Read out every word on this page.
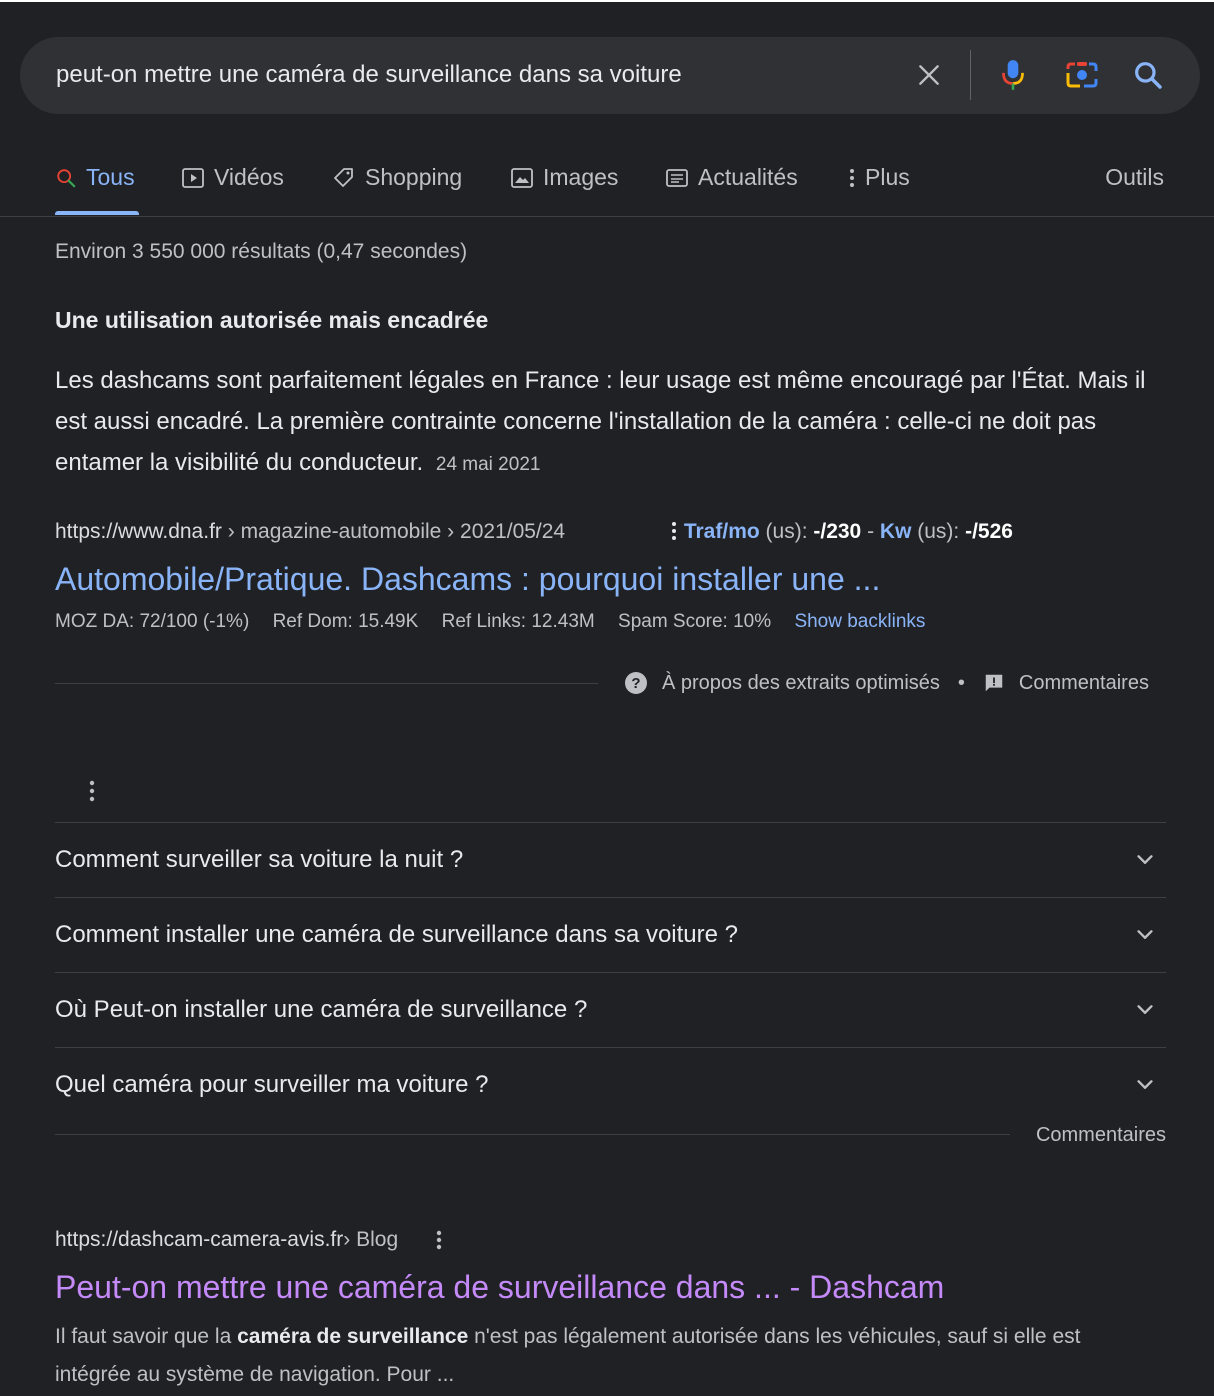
peut-on mettre une caméra de surveillance dans sa voiture
Tous	Vidéos	Shopping	Images	Actualités	Plus	Outils
Environ 3 550 000 résultats (0,47 secondes)
Une utilisation autorisée mais encadrée
Les dashcams sont parfaitement légales en France : leur usage est même encouragé par l'État. Mais il est aussi encadré. La première contrainte concerne l'installation de la caméra : celle-ci ne doit pas entamer la visibilité du conducteur. 24 mai 2021
https://www.dna.fr › magazine-automobile › 2021/05/24	Traf/mo (us): -/230 - Kw (us): -/526
Automobile/Pratique. Dashcams : pourquoi installer une ...
MOZ DA: 72/100 (-1%) Ref Dom: 15.49K Ref Links: 12.43M Spam Score: 10% Show backlinks
? À propos des extraits optimisés •	Commentaires
Comment surveiller sa voiture la nuit ?
Comment installer une caméra de surveillance dans sa voiture ?
Où Peut-on installer une caméra de surveillance ?
Quel caméra pour surveiller ma voiture ?
Commentaires
https://dashcam-camera-avis.fr › Blog
Peut-on mettre une caméra de surveillance dans ... - Dashcam
Il faut savoir que la caméra de surveillance n'est pas légalement autorisée dans les véhicules, sauf si elle est intégrée au système de navigation. Pour ...
